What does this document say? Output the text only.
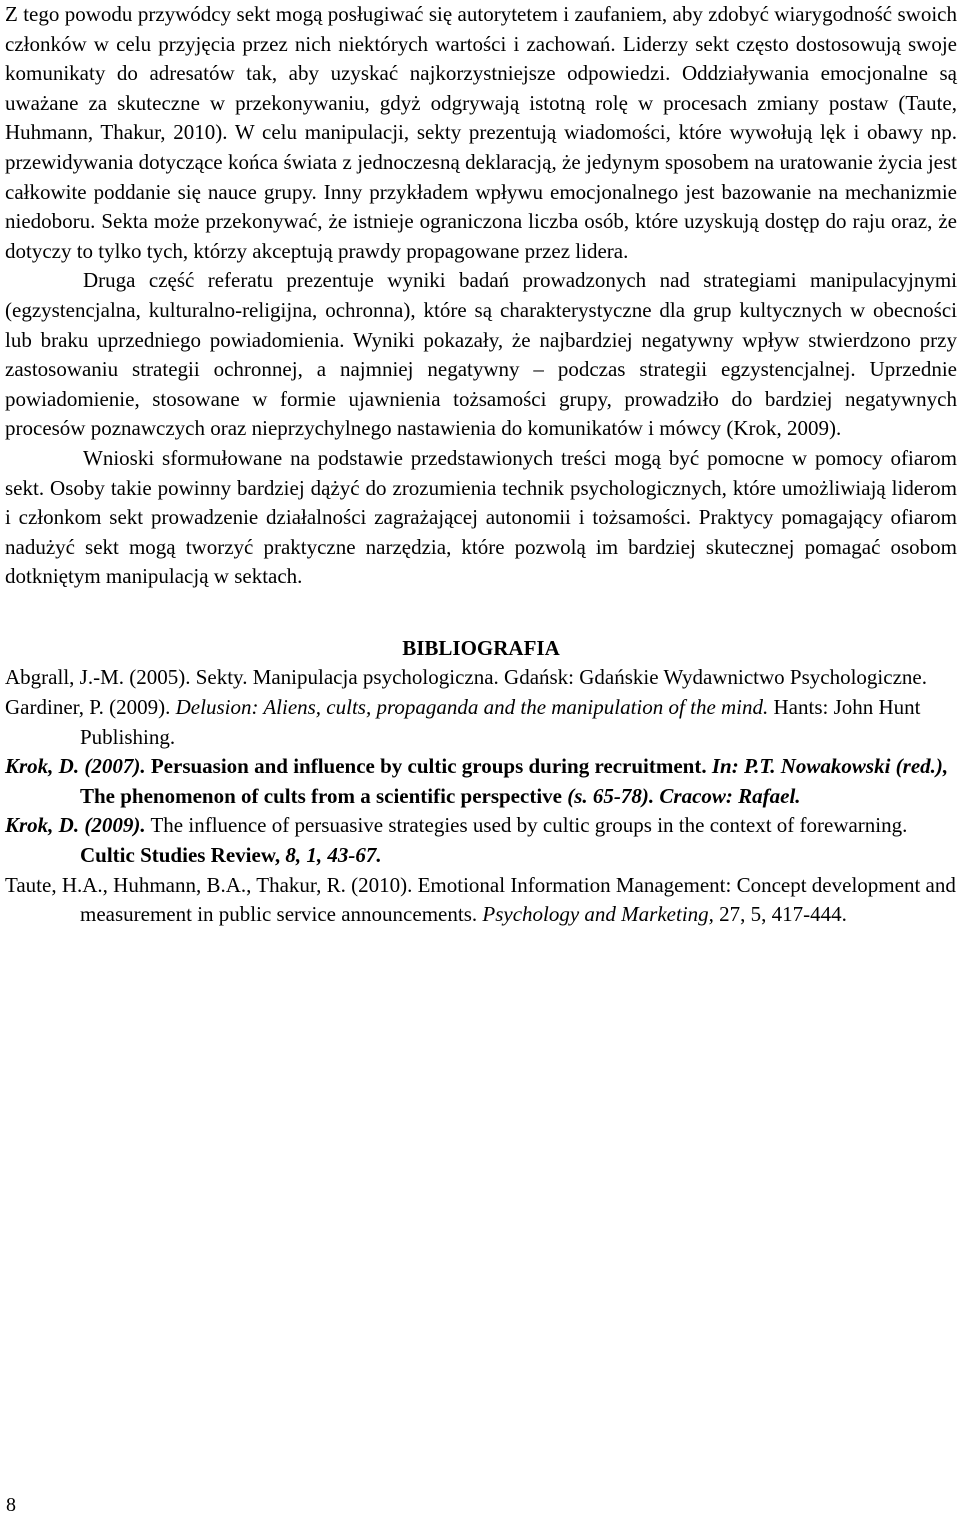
Z tego powodu przywódcy sekt mogą posługiwać się autorytetem i zaufaniem, aby zdobyć wiarygodność swoich członków w celu przyjęcia przez nich niektórych wartości i zachowań. Liderzy sekt często dostosowują swoje komunikaty do adresatów tak, aby uzyskać najkorzystniejsze odpowiedzi. Oddziaływania emocjonalne są uważane za skuteczne w przekonywaniu, gdyż odgrywają istotną rolę w procesach zmiany postaw (Taute, Huhmann, Thakur, 2010). W celu manipulacji, sekty prezentują wiadomości, które wywołują lęk i obawy np. przewidywania dotyczące końca świata z jednoczesną deklaracją, że jedynym sposobem na uratowanie życia jest całkowite poddanie się nauce grupy. Inny przykładem wpływu emocjonalnego jest bazowanie na mechanizmie niedoboru. Sekta może przekonywać, że istnieje ograniczona liczba osób, które uzyskują dostęp do raju oraz, że dotyczy to tylko tych, którzy akceptują prawdy propagowane przez lidera.

Druga część referatu prezentuje wyniki badań prowadzonych nad strategiami manipulacyjnymi (egzystencjalna, kulturalno-religijna, ochronna), które są charakterystyczne dla grup kultycznych w obecności lub braku uprzedniego powiadomienia. Wyniki pokazały, że najbardziej negatywny wpływ stwierdzono przy zastosowaniu strategii ochronnej, a najmniej negatywny – podczas strategii egzystencjalnej. Uprzednie powiadomienie, stosowane w formie ujawnienia tożsamości grupy, prowadziło do bardziej negatywnych procesów poznawczych oraz nieprzychylnego nastawienia do komunikatów i mówcy (Krok, 2009).

Wnioski sformułowane na podstawie przedstawionych treści mogą być pomocne w pomocy ofiarom sekt. Osoby takie powinny bardziej dążyć do zrozumienia technik psychologicznych, które umożliwiają liderom i członkom sekt prowadzenie działalności zagrażającej autonomii i tożsamości. Praktycy pomagający ofiarom nadużyć sekt mogą tworzyć praktyczne narzędzia, które pozwolą im bardziej skutecznej pomagać osobom dotkniętym manipulacją w sektach.

BIBLIOGRAFIA

Abgrall, J.-M. (2005). Sekty. Manipulacja psychologiczna. Gdańsk: Gdańskie Wydawnictwo Psychologiczne.

Gardiner, P. (2009). Delusion: Aliens, cults, propaganda and the manipulation of the mind. Hants: John Hunt Publishing.

Krok, D. (2007). Persuasion and influence by cultic groups during recruitment. In: P.T. Nowakowski (red.), The phenomenon of cults from a scientific perspective (s. 65-78). Cracow: Rafael.

Krok, D. (2009). The influence of persuasive strategies used by cultic groups in the context of forewarning. Cultic Studies Review, 8, 1, 43-67.

Taute, H.A., Huhmann, B.A., Thakur, R. (2010). Emotional Information Management: Concept development and measurement in public service announcements. Psychology and Marketing, 27, 5, 417-444.

8
